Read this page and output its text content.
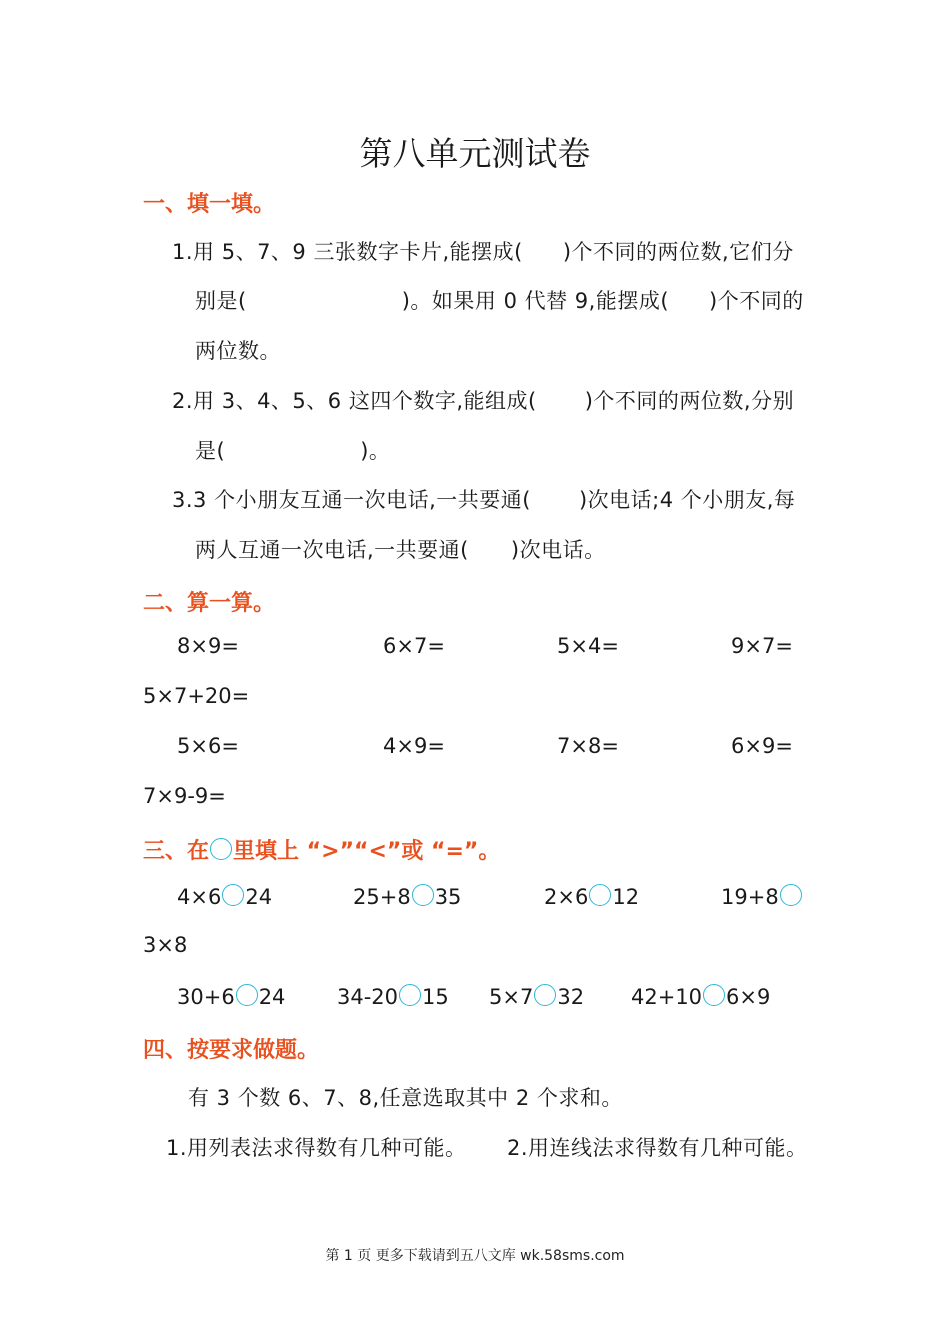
第八单元测试卷
一、填一填。
1.用 5、7、9 三张数字卡片,能摆成( )个不同的两位数,它们分
别是(	)。如果用 0 代替 9,能摆成( )个不同的
两位数。
2.用 3、4、5、6 这四个数字,能组成( )个不同的两位数,分别
是(	)。
3.3 个小朋友互通一次电话,一共要通( )次电话;4 个小朋友,每
两人互通一次电话,一共要通( )次电话。
二、算一算。
8×9=	6×7=	5×4=	9×7=
5×7+20=
5×6=	4×9=	7×8=	6×9=
7×9-9=
三、在 里填上 “>”“<”或 “=”。
4×6 24	25+8 35	2×6 12	19+8
3×8
30+6 24 34-20 15 5×7 32 42+10 6×9
四、按要求做题。
有 3 个数 6、7、8,任意选取其中 2 个求和。
1.用列表法求得数有几种可能。 2.用连线法求得数有几种可能。
第 1 页 更多下载请到五八文库 wk.58sms.com
